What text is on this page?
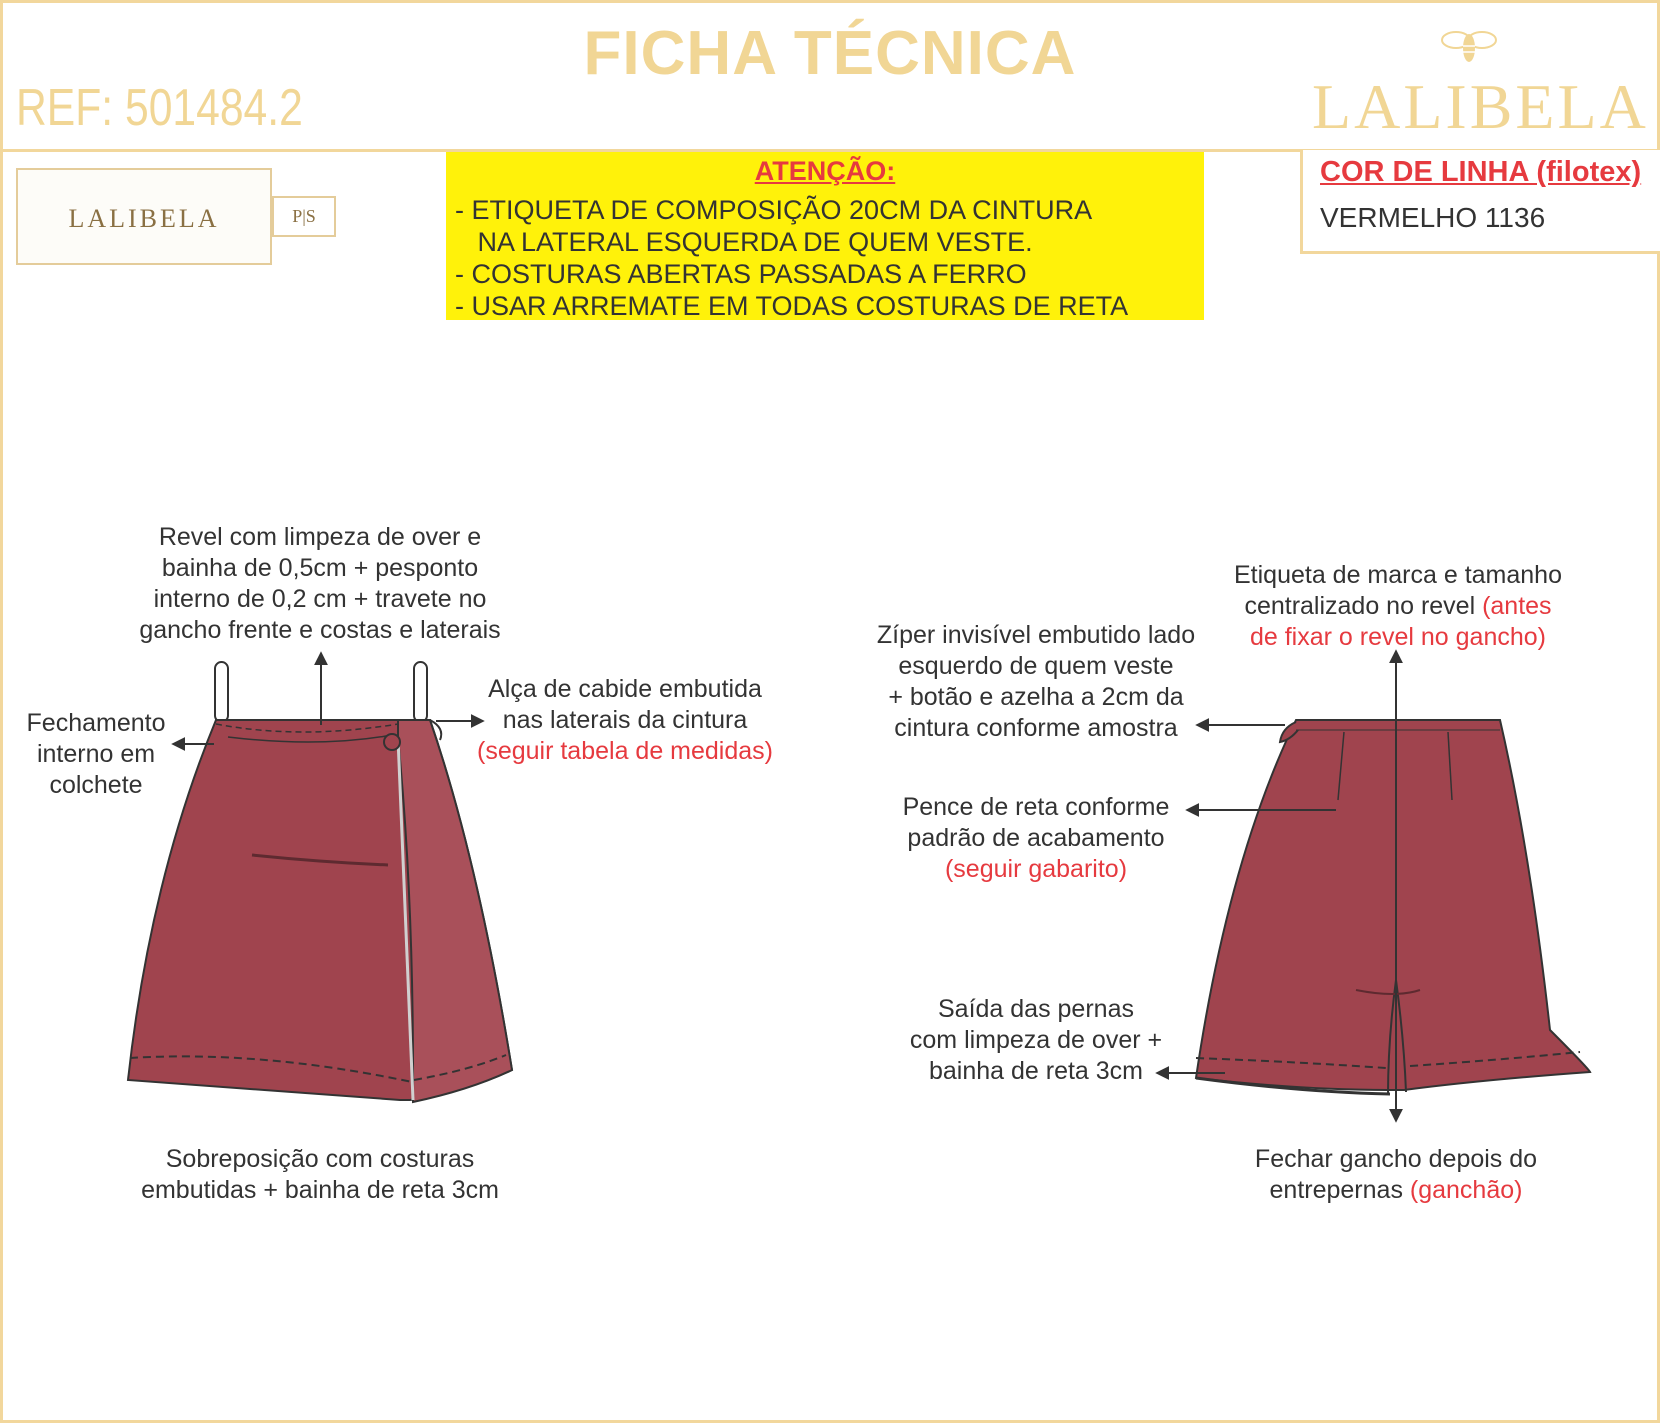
FICHA TÉCNICA
REF: 501484.2	LALIBELA
LALIBELA	P|S
ATENÇÃO:
- ETIQUETA DE COMPOSIÇÃO 20CM DA CINTURA
NA LATERAL ESQUERDA DE QUEM VESTE.
- COSTURAS ABERTAS PASSADAS A FERRO
- USAR ARREMATE EM TODAS COSTURAS DE RETA
COR DE LINHA (filotex)
VERMELHO 1136
Revel com limpeza de over e
bainha de 0,5cm + pesponto
interno de 0,2 cm + travete no
gancho frente e costas e laterais
Fechamento
interno em
colchete
Alça de cabide embutida
nas laterais da cintura
(seguir tabela de medidas)
Sobreposição com costuras
embutidas + bainha de reta 3cm
Etiqueta de marca e tamanho
centralizado no revel (antes
de fixar o revel no gancho)
Zíper invisível embutido lado
esquerdo de quem veste
+ botão e azelha a 2cm da
cintura conforme amostra
Pence de reta conforme
padrão de acabamento
(seguir gabarito)
Saída das pernas
com limpeza de over +
bainha de reta 3cm
Fechar gancho depois do
entrepernas (ganchão)
